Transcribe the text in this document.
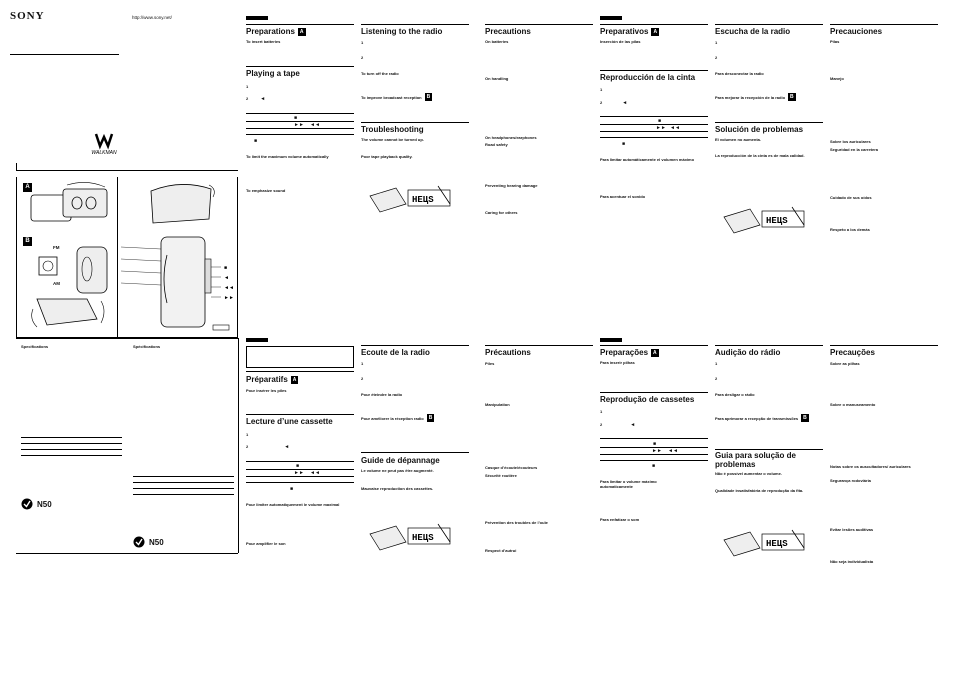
SONY	http://www.sony.net/
WALKMAN
A
B
FM
AM
■
◄
◄◄
►►
Specifications	Spécifications
N50
N50
Preparations A
To insert batteries
Playing a tape
1
2 ◄
■
►► ◄◄
■
To limit the maximum volume automatically
To emphasize sound
Listening to the radio
1
2
To turn off the radio
To improve broadcast reception B
Troubleshooting
The volume cannot be turned up.
Poor tape playback quality.
HEЦS
Precautions
On batteries
On handling
On headphones/earphones
Road safety
Preventing hearing damage
Caring for others
Preparativos A
Inserción de las pilas
Reproducción de la cinta
1
2	◄
■
►► ◄◄
■
Para limitar automáticamente el volumen máximo
Para acentuar el sonido
Escucha de la radio
1
2
Para desconectar la radio
Para mejorar la recepción de la radio B
Solución de problemas
El volumen no aumenta.
La reproducción de la cinta es de mala calidad.
HEЦS
Precauciones
Pilas
Manejo
Sobre los auriculares
Seguridad en la carretera
Cuidado de sus oídos
Respeto a los demás
Préparatifs A
Pour insérer les piles
Lecture d’une cassette
1
2	◄
■
►► ◄◄
■
Pour limiter automatiquement le volume maximal
Pour amplifier le son
Ecoute de la radio
1
2
Pour éteindre la radio
Pour améliorer la réception radio B
Guide de dépannage
Le volume ne peut pas être augmenté.
Mauvaise reproduction des cassettes.
HEЦS
Précautions
Piles
Manipulation
Casque d’écoute/écouteurs
Sécurité routière
Prévention des troubles de l’ouïe
Respect d’autrui
Preparações A
Para inserir pilhas
Reprodução de cassetes
1
2	◄
■
►► ◄◄
■
Para limitar o volume máximo automaticamente
Para enfatizar o som
Audição do rádio
1
2
Para desligar o rádio
Para aprimorar a recepção de transmissões B
Guia para solução de problemas
Não é possível aumentar o volume.
Qualidade insatisfatória de reprodução da fita.
HEЦS
Precauções
Sobre as pilhas
Sobre o manuseamento
Notas sobre os auscultadores/ auriculares
Segurança rodoviária
Evitar lesões auditivas
Não seja individualista
